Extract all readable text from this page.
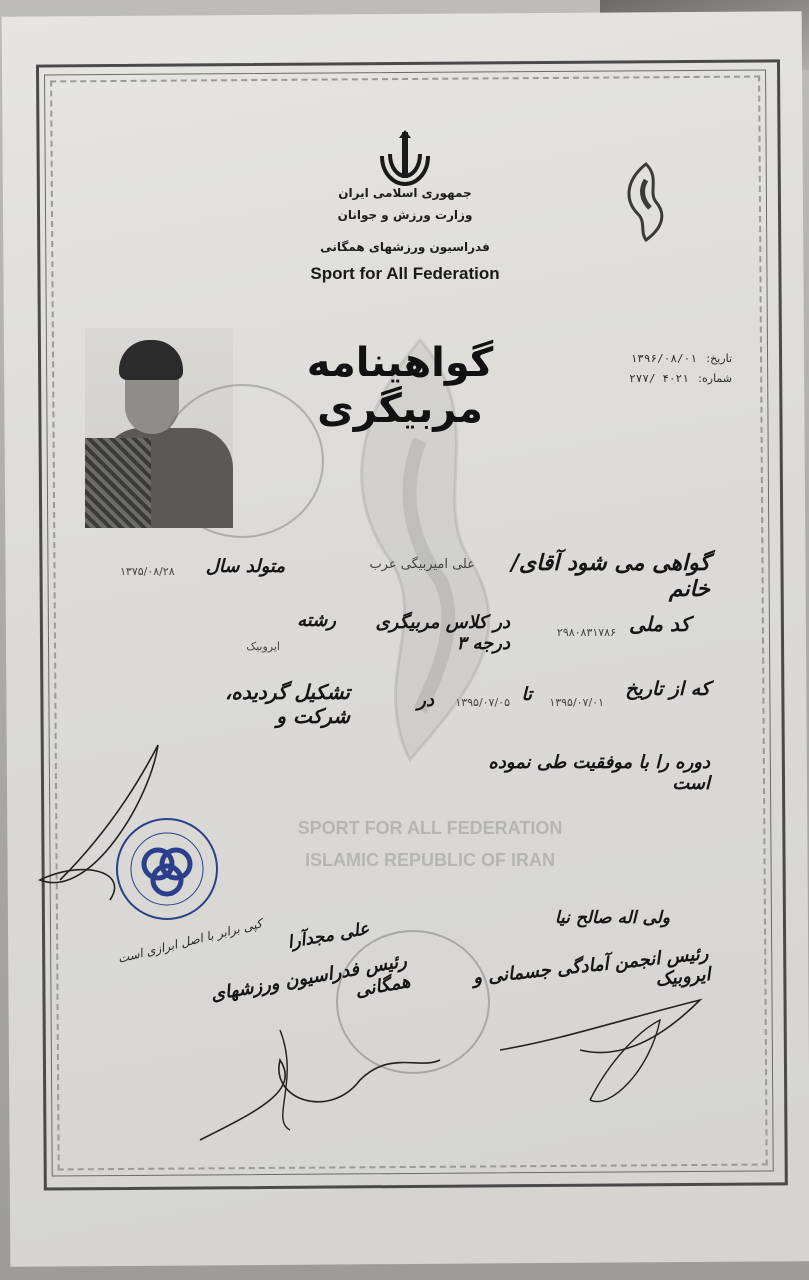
جمهوری اسلامی ایران
وزارت ورزش و جوانان
فدراسیون ورزشهای همگانی
Sport for All Federation
گواهینامه مربیگری
تاریخ: ۱۳۹۶/۰۸/۰۱
شماره: ۴۰۲۱ /۲۷۷
گواهی می شود آقای/خانم
علی امیربیگی عرب
متولد سال
۱۳۷۵/۰۸/۲۸
کد ملی
۲۹۸۰۸۳۱۷۸۶
در کلاس مربیگری درجه ۳
رشته
ایروبیک
که از تاریخ
۱۳۹۵/۰۷/۰۱
تا
۱۳۹۵/۰۷/۰۵
در
تشکیل گردیده، شرکت و
دوره را با موفقیت طی نموده است
SPORT FOR ALL FEDERATION
ISLAMIC REPUBLIC OF IRAN
کپی برابر با اصل ابرازی است	علی مجدآرا
رئیس فدراسیون ورزشهای همگانی
ولی اله صالح نیا
رئیس انجمن آمادگی جسمانی و ایروبیک
